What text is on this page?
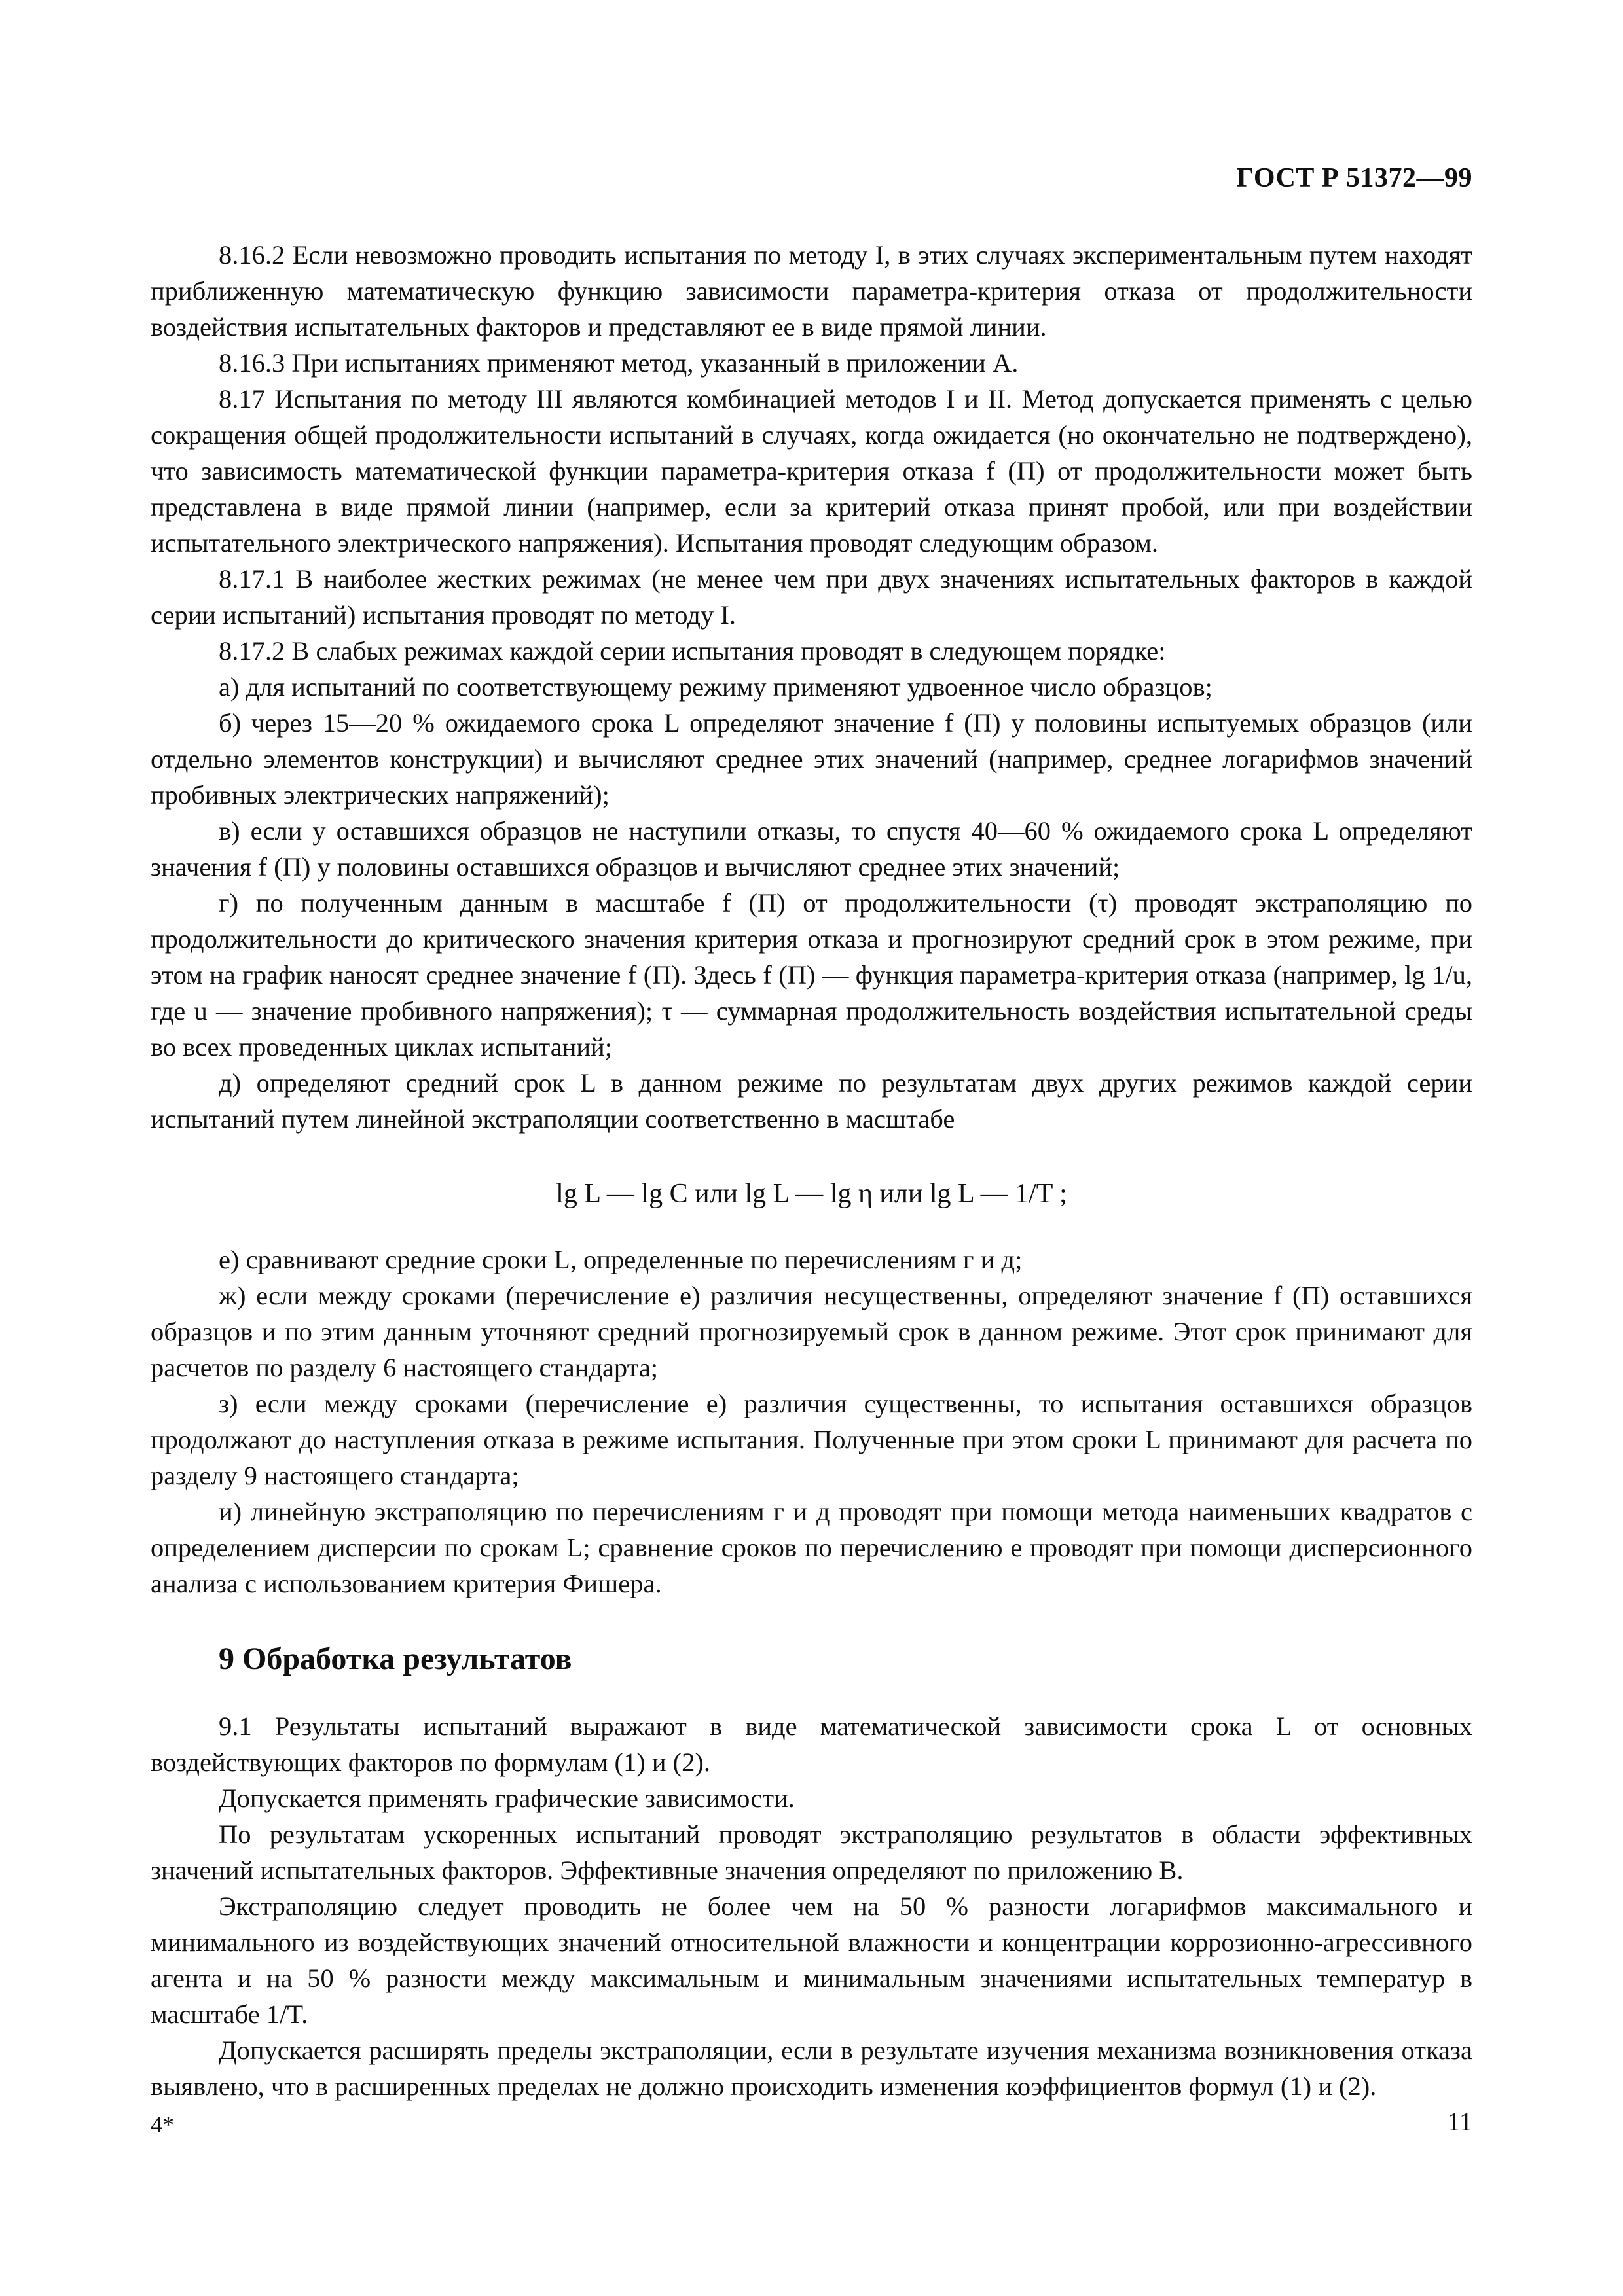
ГОСТ Р 51372—99

8.16.2 Если невозможно проводить испытания по методу I, в этих случаях экспериментальным путем находят приближенную математическую функцию зависимости параметра-критерия отказа от продолжительности воздействия испытательных факторов и представляют ее в виде прямой линии.

8.16.3 При испытаниях применяют метод, указанный в приложении А.

8.17 Испытания по методу III являются комбинацией методов I и II. Метод допускается применять с целью сокращения общей продолжительности испытаний в случаях, когда ожидается (но окончательно не подтверждено), что зависимость математической функции параметра-критерия отказа f (П) от продолжительности может быть представлена в виде прямой линии (например, если за критерий отказа принят пробой, или при воздействии испытательного электрического напряжения). Испытания проводят следующим образом.

8.17.1 В наиболее жестких режимах (не менее чем при двух значениях испытательных факторов в каждой серии испытаний) испытания проводят по методу I.

8.17.2 В слабых режимах каждой серии испытания проводят в следующем порядке:

а) для испытаний по соответствующему режиму применяют удвоенное число образцов;

б) через 15—20 % ожидаемого срока L определяют значение f (П) у половины испытуемых образцов (или отдельно элементов конструкции) и вычисляют среднее этих значений (например, среднее логарифмов значений пробивных электрических напряжений);

в) если у оставшихся образцов не наступили отказы, то спустя 40—60 % ожидаемого срока L определяют значения f (П) у половины оставшихся образцов и вычисляют среднее этих значений;

г) по полученным данным в масштабе f (П) от продолжительности (τ) проводят экстраполяцию по продолжительности до критического значения критерия отказа и прогнозируют средний срок в этом режиме, при этом на график наносят среднее значение f (П). Здесь f (П) — функция параметра-критерия отказа (например, lg 1/u, где u — значение пробивного напряжения); τ — суммарная продолжительность воздействия испытательной среды во всех проведенных циклах испытаний;

д) определяют средний срок L в данном режиме по результатам двух других режимов каждой серии испытаний путем линейной экстраполяции соответственно в масштабе

lg L — lg C или lg L — lg η или lg L — 1/T ;

е) сравнивают средние сроки L, определенные по перечислениям г и д;

ж) если между сроками (перечисление е) различия несущественны, определяют значение f (П) оставшихся образцов и по этим данным уточняют средний прогнозируемый срок в данном режиме. Этот срок принимают для расчетов по разделу 6 настоящего стандарта;

з) если между сроками (перечисление е) различия существенны, то испытания оставшихся образцов продолжают до наступления отказа в режиме испытания. Полученные при этом сроки L принимают для расчета по разделу 9 настоящего стандарта;

и) линейную экстраполяцию по перечислениям г и д проводят при помощи метода наименьших квадратов с определением дисперсии по срокам L; сравнение сроков по перечислению е проводят при помощи дисперсионного анализа с использованием критерия Фишера.

9 Обработка результатов

9.1 Результаты испытаний выражают в виде математической зависимости срока L от основных воздействующих факторов по формулам (1) и (2).

Допускается применять графические зависимости.

По результатам ускоренных испытаний проводят экстраполяцию результатов в области эффективных значений испытательных факторов. Эффективные значения определяют по приложению В.

Экстраполяцию следует проводить не более чем на 50 % разности логарифмов максимального и минимального из воздействующих значений относительной влажности и концентрации коррозионно-агрессивного агента и на 50 % разности между максимальным и минимальным значениями испытательных температур в масштабе 1/T.

Допускается расширять пределы экстраполяции, если в результате изучения механизма возникновения отказа выявлено, что в расширенных пределах не должно происходить изменения коэффициентов формул (1) и (2).

4*	11
